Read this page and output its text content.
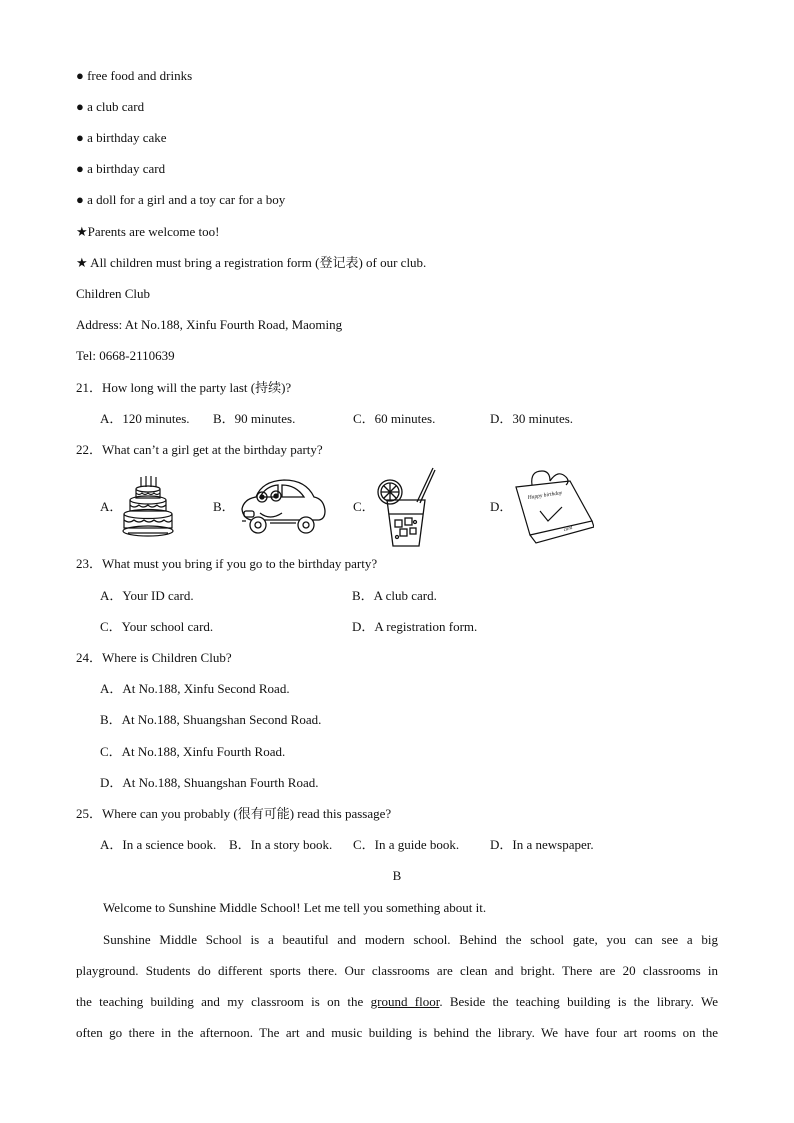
● free food and drinks
● a club card
● a birthday cake
● a birthday card
● a doll for a girl and a toy car for a boy
★Parents are welcome too!
★ All children must bring a registration form (登记表) of our club.
Children Club
Address: At No.188, Xinfu Fourth Road, Maoming
Tel: 0668-2110639
21．How long will the party last (持续)?
A．120 minutes. B．90 minutes.	C．60 minutes.	D．30 minutes.
22．What can’t a girl get at the birthday party?
A．	B．	C．	D．
Happy birthday
card
23．What must you bring if you go to the birthday party?
A．Your ID card.	B．A club card.
C．Your school card.	D．A registration form.
24．Where is Children Club?
A．At No.188, Xinfu Second Road.
B．At No.188, Shuangshan Second Road.
C．At No.188, Xinfu Fourth Road.
D．At No.188, Shuangshan Fourth Road.
25．Where can you probably (很有可能) read this passage?
A．In a science book. B．In a story book. C．In a guide book. D．In a newspaper.
B
Welcome to Sunshine Middle School! Let me tell you something about it.

Sunshine Middle School is a beautiful and modern school. Behind the school gate, you can see a big

playground. Students do different sports there. Our classrooms are clean and bright. There are 20 classrooms in

the teaching building and my classroom is on the ground floor. Beside the teaching building is the library. We

often go there in the afternoon. The art and music building is behind the library. We have four art rooms on the
